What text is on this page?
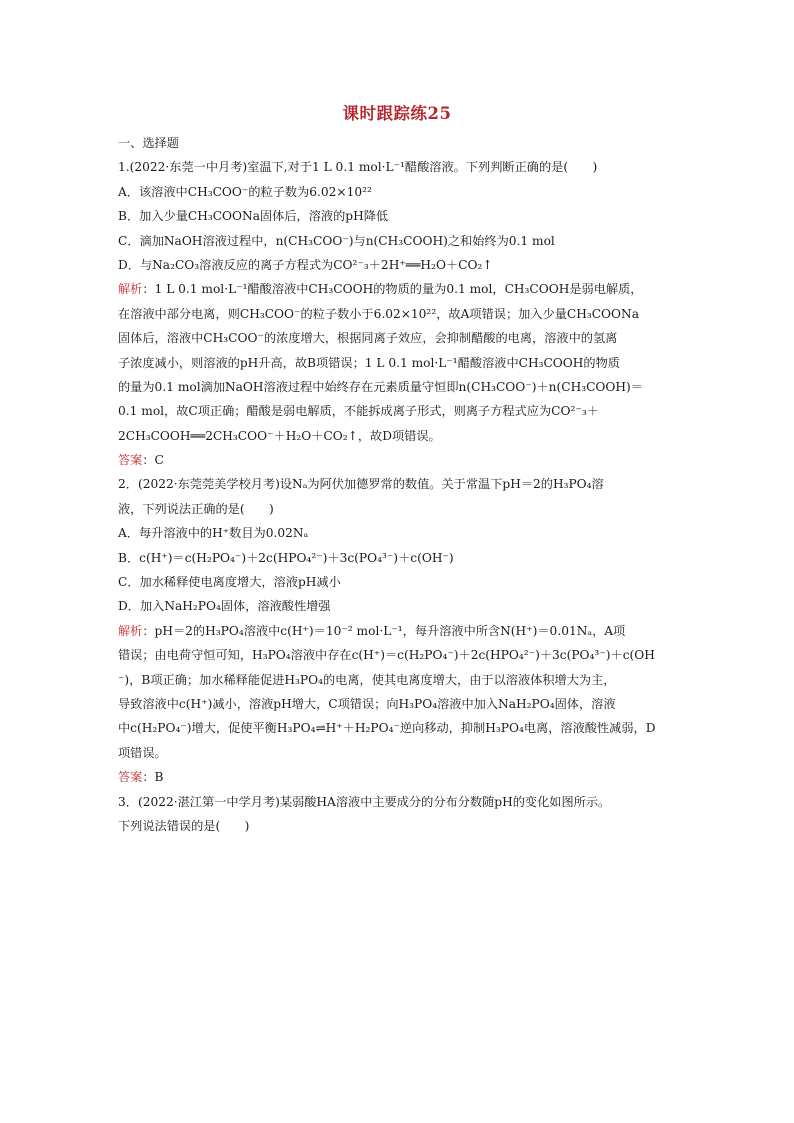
课时跟踪练25
一、选择题
1.(2022·东莞一中月考)室温下,对于1 L 0.1 mol·L⁻¹醋酸溶液。下列判断正确的是(　　)
A．该溶液中CH₃COO⁻的粒子数为6.02×10²²
B．加入少量CH₃COONa固体后，溶液的pH降低
C．滴加NaOH溶液过程中，n(CH₃COO⁻)与n(CH₃COOH)之和始终为0.1 mol
D．与Na₂CO₃溶液反应的离子方程式为CO²⁻₃＋2H⁺══H₂O＋CO₂↑
解析：1 L 0.1 mol·L⁻¹醋酸溶液中CH₃COOH的物质的量为0.1 mol，CH₃COOH是弱电解质，
在溶液中部分电离，则CH₃COO⁻的粒子数小于6.02×10²²，故A项错误；加入少量CH₃COONa
固体后，溶液中CH₃COO⁻的浓度增大，根据同离子效应，会抑制醋酸的电离，溶液中的氢离
子浓度减小，则溶液的pH升高，故B项错误；1 L 0.1 mol·L⁻¹醋酸溶液中CH₃COOH的物质
的量为0.1 mol滴加NaOH溶液过程中始终存在元素质量守恒即n(CH₃COO⁻)＋n(CH₃COOH)＝
0.1 mol，故C项正确；醋酸是弱电解质，不能拆成离子形式，则离子方程式应为CO²⁻₃＋
2CH₃COOH══2CH₃COO⁻＋H₂O＋CO₂↑，故D项错误。
答案：C
2．(2022·东莞莞美学校月考)设Nₐ为阿伏加德罗常的数值。关于常温下pH＝2的H₃PO₄溶
液，下列说法正确的是(　　)
A．每升溶液中的H⁺数目为0.02Nₐ
B．c(H⁺)＝c(H₂PO₄⁻)＋2c(HPO₄²⁻)＋3c(PO₄³⁻)＋c(OH⁻)
C．加水稀释使电离度增大，溶液pH减小
D．加入NaH₂PO₄固体，溶液酸性增强
解析：pH＝2的H₃PO₄溶液中c(H⁺)＝10⁻² mol·L⁻¹，每升溶液中所含N(H⁺)＝0.01Nₐ，A项
错误；由电荷守恒可知，H₃PO₄溶液中存在c(H⁺)＝c(H₂PO₄⁻)＋2c(HPO₄²⁻)＋3c(PO₄³⁻)＋c(OH
⁻)，B项正确；加水稀释能促进H₃PO₄的电离，使其电离度增大，由于以溶液体积增大为主，
导致溶液中c(H⁺)减小，溶液pH增大，C项错误；向H₃PO₄溶液中加入NaH₂PO₄固体，溶液
中c(H₂PO₄⁻)增大，促使平衡H₃PO₄⇌H⁺＋H₂PO₄⁻逆向移动，抑制H₃PO₄电离，溶液酸性减弱，D
项错误。
答案：B
3．(2022·湛江第一中学月考)某弱酸HA溶液中主要成分的分布分数随pH的变化如图所示。
下列说法错误的是(　　)
